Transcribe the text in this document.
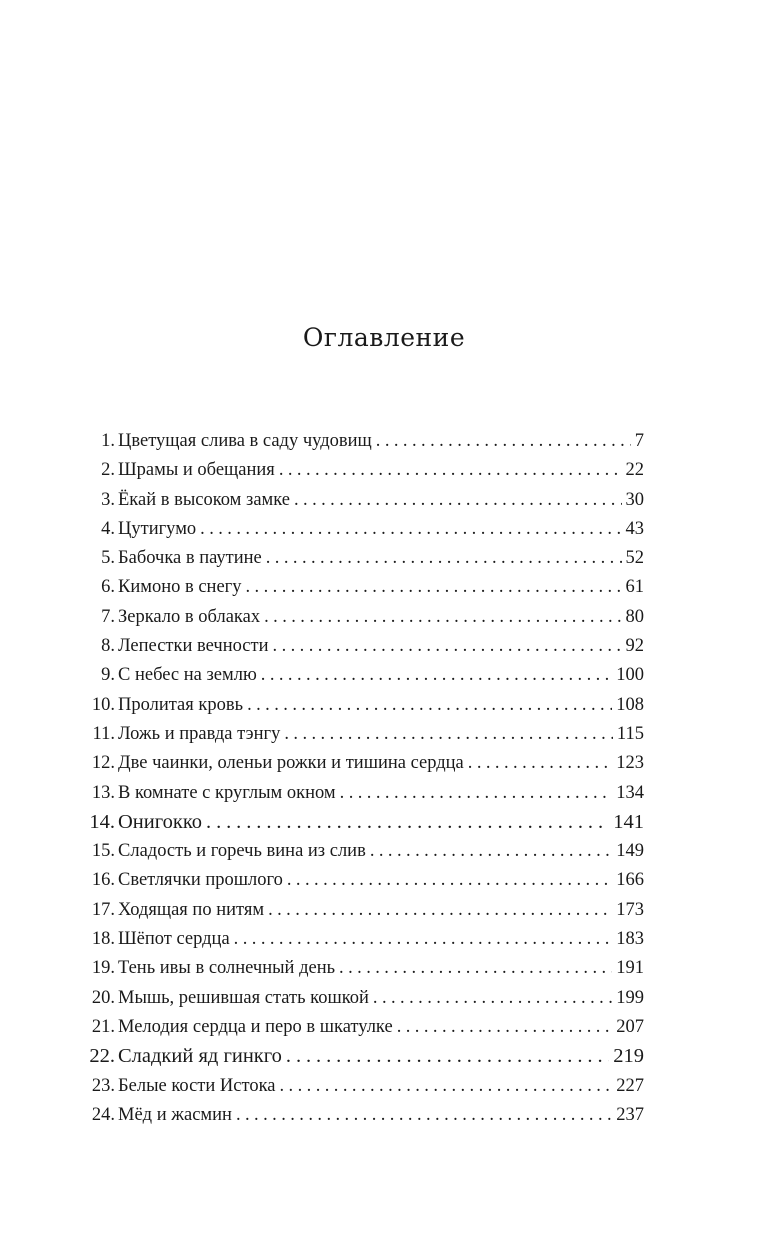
Оглавление
1. Цветущая слива в саду чудовищ . . .	7
2. Шрамы и обещания . . .	22
3. Ёкай в высоком замке . . .	30
4. Цутигумо . . .	43
5. Бабочка в паутине . . .	52
6. Кимоно в снегу . . .	61
7. Зеркало в облаках . . .	80
8. Лепестки вечности . . .	92
9. С небес на землю . . .	100
10. Пролитая кровь . . .	108
11. Ложь и правда тэнгу . . .	115
12. Две чаинки, оленьи рожки и тишина сердца . . .	123
13. В комнате с круглым окном . . .	134
14. Онигокко . . .	141
15. Сладость и горечь вина из слив . . .	149
16. Светлячки прошлого . . .	166
17. Ходящая по нитям . . .	173
18. Шёпот сердца . . .	183
19. Тень ивы в солнечный день . . .	191
20. Мышь, решившая стать кошкой . . .	199
21. Мелодия сердца и перо в шкатулке . . .	207
22. Сладкий яд гинкго . . .	219
23. Белые кости Истока . . .	227
24. Мёд и жасмин . . .	237
